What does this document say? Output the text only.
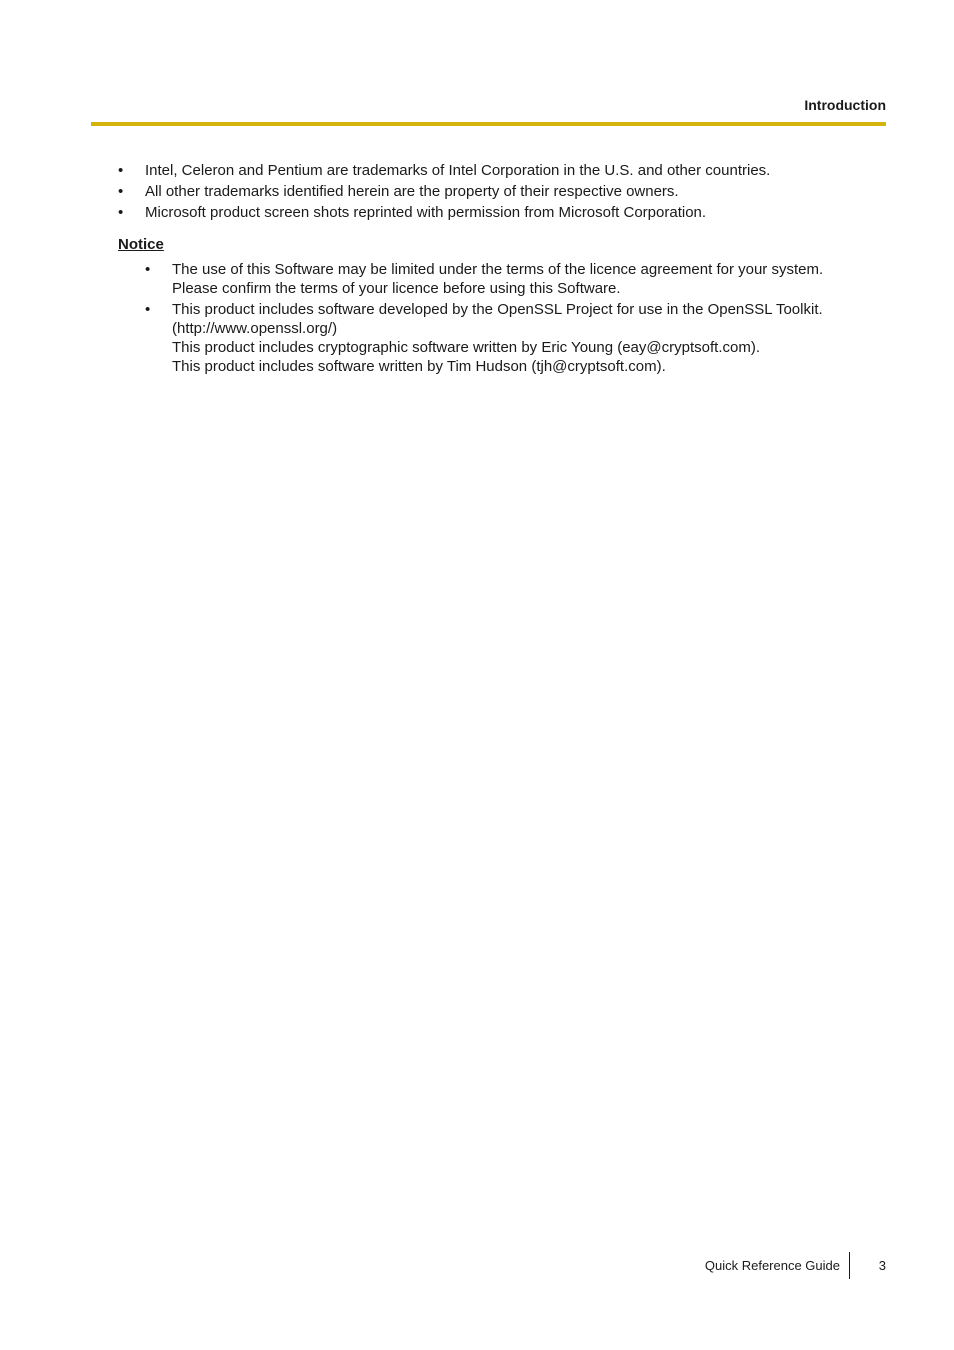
Introduction
• Intel, Celeron and Pentium are trademarks of Intel Corporation in the U.S. and other countries.
• All other trademarks identified herein are the property of their respective owners.
• Microsoft product screen shots reprinted with permission from Microsoft Corporation.
Notice
• The use of this Software may be limited under the terms of the licence agreement for your system.
Please confirm the terms of your licence before using this Software.
• This product includes software developed by the OpenSSL Project for use in the OpenSSL Toolkit.
(http://www.openssl.org/)
This product includes cryptographic software written by Eric Young (eay@cryptsoft.com).
This product includes software written by Tim Hudson (tjh@cryptsoft.com).
Quick Reference Guide	3
